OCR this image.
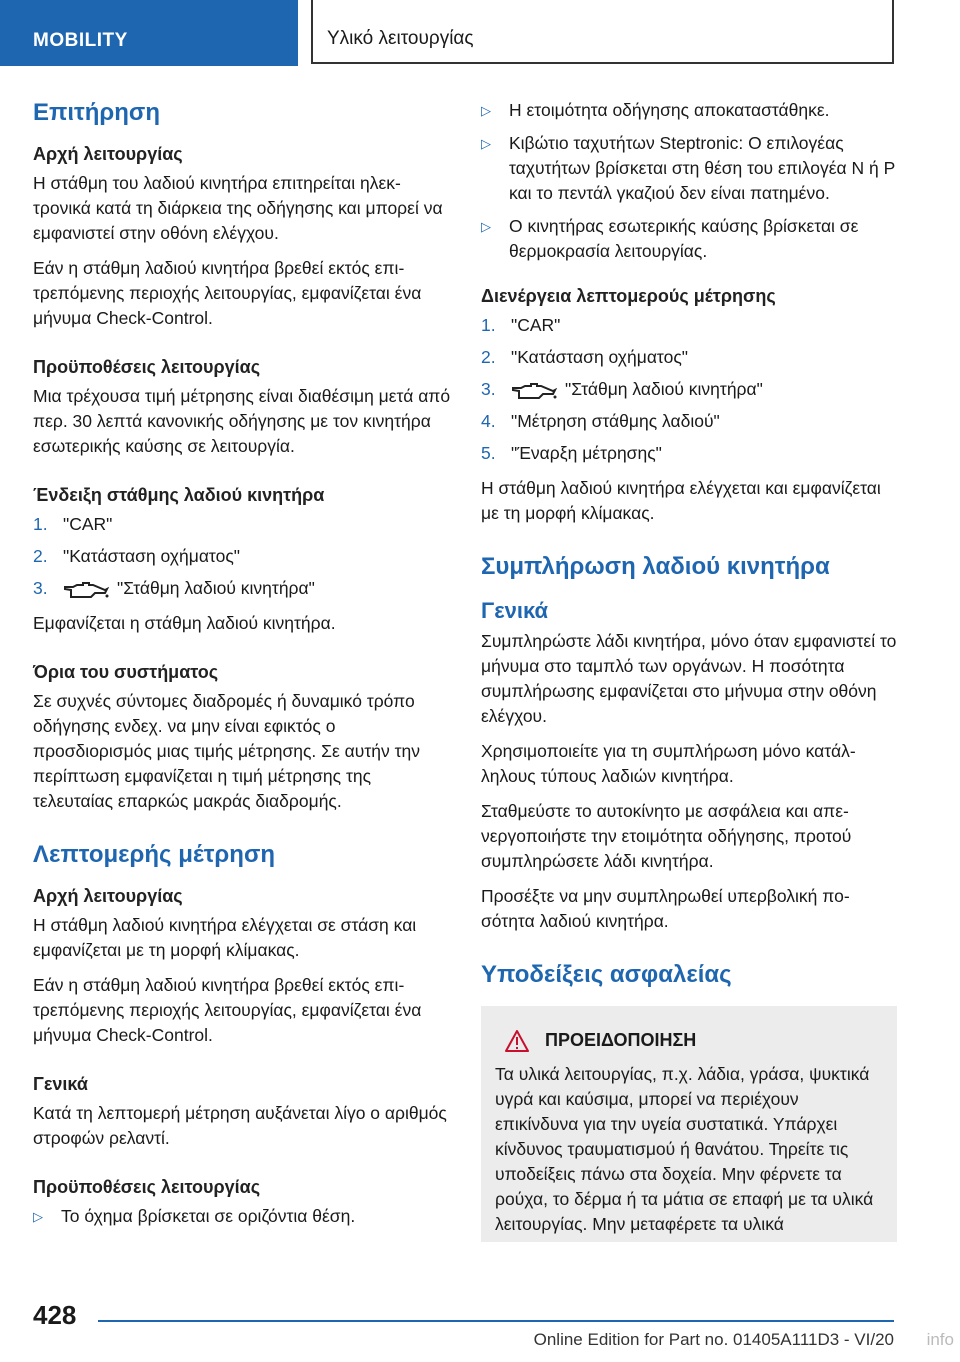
MOBILITY	Υλικό λειτουργίας
Επιτήρηση
Αρχή λειτουργίας

Η στάθμη του λαδιού κινητήρα επιτηρείται ηλεκτρονικά κατά τη διάρκεια της οδήγησης και μπορεί να εμφανιστεί στην οθόνη ελέγχου.

Εάν η στάθμη λαδιού κινητήρα βρεθεί εκτός επιτρεπόμενης περιοχής λειτουργίας, εμφανίζεται ένα μήνυμα Check-Control.

Προϋποθέσεις λειτουργίας

Μια τρέχουσα τιμή μέτρησης είναι διαθέσιμη μετά από περ. 30 λεπτά κανονικής οδήγησης με τον κινητήρα εσωτερικής καύσης σε λειτουργία.

Ένδειξη στάθμης λαδιού κινητήρα
1. "CAR"
2. "Κατάσταση οχήματος"
3.	"Στάθμη λαδιού κινητήρα"

Εμφανίζεται η στάθμη λαδιού κινητήρα.

Όρια του συστήματος

Σε συχνές σύντομες διαδρομές ή δυναμικό τρόπο οδήγησης ενδεχ. να μην είναι εφικτός ο προσδιορισμός μιας τιμής μέτρησης. Σε αυτήν την περίπτωση εμφανίζεται η τιμή μέτρησης της τελευταίας επαρκώς μακράς διαδρομής.

Λεπτομερής μέτρηση
Αρχή λειτουργίας

Η στάθμη λαδιού κινητήρα ελέγχεται σε στάση και εμφανίζεται με τη μορφή κλίμακας.

Εάν η στάθμη λαδιού κινητήρα βρεθεί εκτός επιτρεπόμενης περιοχής λειτουργίας, εμφανίζεται ένα μήνυμα Check-Control.

Γενικά

Κατά τη λεπτομερή μέτρηση αυξάνεται λίγο ο αριθμός στροφών ρελαντί.

Προϋποθέσεις λειτουργίας
▷	Το όχημα βρίσκεται σε οριζόντια θέση.
▷	Η ετοιμότητα οδήγησης αποκαταστάθηκε.
▷	Κιβώτιο ταχυτήτων Steptronic: Ο επιλογέας ταχυτήτων βρίσκεται στη θέση του επιλογέα N ή P και το πεντάλ γκαζιού δεν είναι πατημένο.
▷	Ο κινητήρας εσωτερικής καύσης βρίσκεται σε θερμοκρασία λειτουργίας.
Διενέργεια λεπτομερούς μέτρησης
1. "CAR"
2. "Κατάσταση οχήματος"
3.	"Στάθμη λαδιού κινητήρα"
4. "Μέτρηση στάθμης λαδιού"
5. "Έναρξη μέτρησης"

Η στάθμη λαδιού κινητήρα ελέγχεται και εμφανίζεται με τη μορφή κλίμακας.

Συμπλήρωση λαδιού κινητήρα
Γενικά

Συμπληρώστε λάδι κινητήρα, μόνο όταν εμφανιστεί το μήνυμα στο ταμπλό των οργάνων. Η ποσότητα συμπλήρωσης εμφανίζεται στο μήνυμα στην οθόνη ελέγχου.

Χρησιμοποιείτε για τη συμπλήρωση μόνο κατάλληλους τύπους λαδιών κινητήρα.

Σταθμεύστε το αυτοκίνητο με ασφάλεια και απενεργοποιήστε την ετοιμότητα οδήγησης, προτού συμπληρώσετε λάδι κινητήρα.

Προσέξτε να μην συμπληρωθεί υπερβολική ποσότητα λαδιού κινητήρα.

Υποδείξεις ασφαλείας
ΠΡΟΕΙΔΟΠΟΙΗΣΗ

Τα υλικά λειτουργίας, π.χ. λάδια, γράσα, ψυκτικά υγρά και καύσιμα, μπορεί να περιέχουν επικίνδυνα για την υγεία συστατικά. Υπάρχει κίνδυνος τραυματισμού ή θανάτου. Τηρείτε τις υποδείξεις πάνω στα δοχεία. Μην φέρνετε τα ρούχα, το δέρμα ή τα μάτια σε επαφή με τα υλικά λειτουργίας. Μην μεταφέρετε τα υλικά

428
Online Edition for Part no. 01405A111D3 - VI/20 info
